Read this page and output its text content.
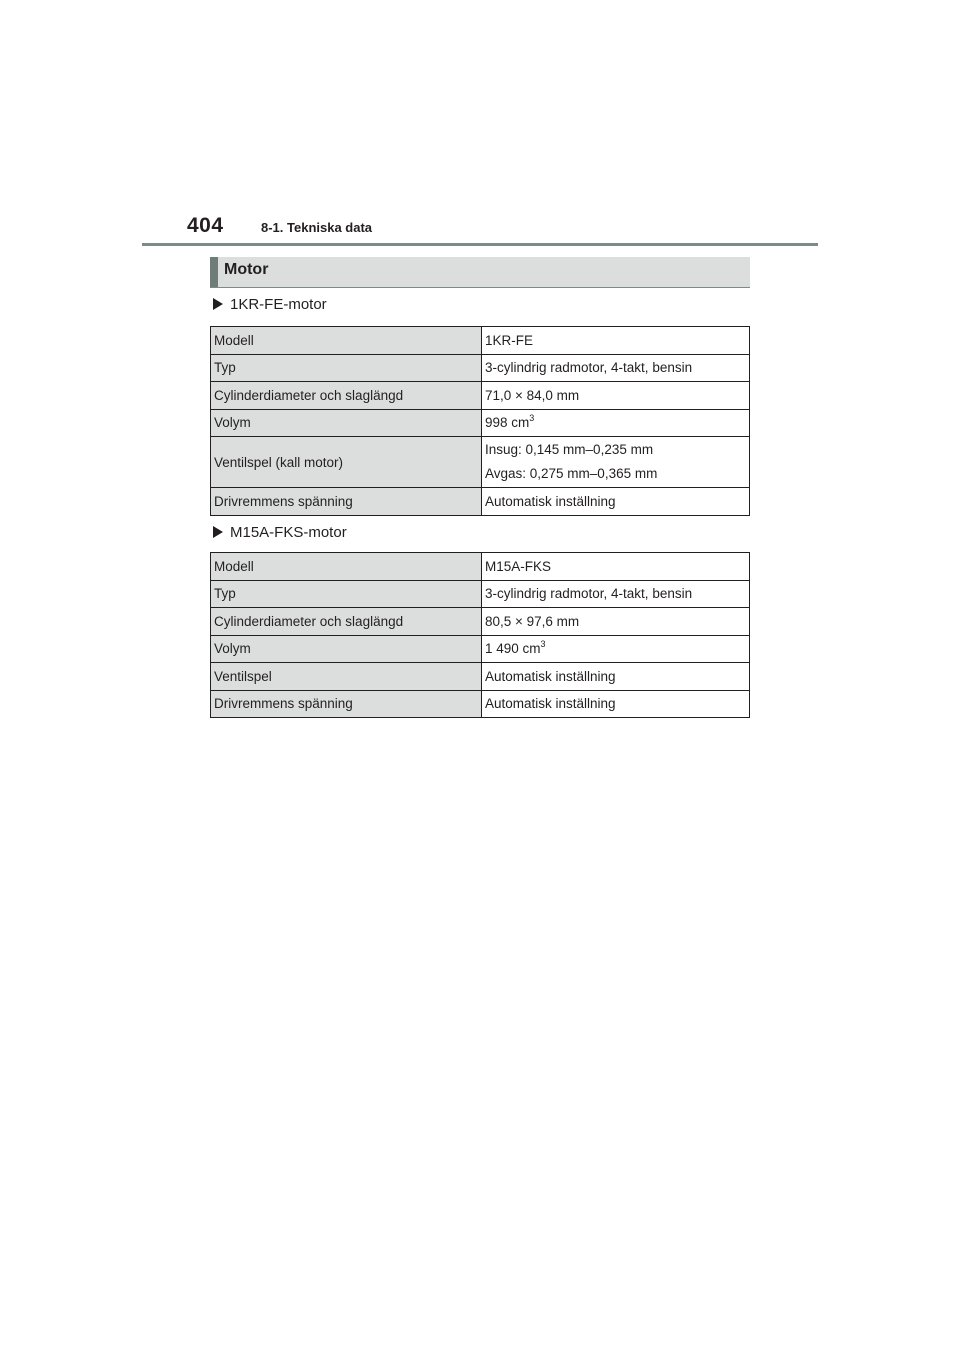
404	8-1. Tekniska data
Motor
1KR-FE-motor
Modell	1KR-FE
Typ	3-cylindrig radmotor, 4-takt, bensin
Cylinderdiameter och slaglängd	71,0 × 84,0 mm
Volym	998 $cm^3$
Ventilspel (kall motor)	Insug: 0,145 mm–0,235 mm
Avgas: 0,275 mm–0,365 mm

Drivremmens spänning	Automatisk inställning
M15A-FKS-motor
Modell	M15A-FKS
Typ	3-cylindrig radmotor, 4-takt, bensin
Cylinderdiameter och slaglängd	80,5 × 97,6 mm
Volym	1 490 $cm^3$
Ventilspel	Automatisk inställning
Drivremmens spänning	Automatisk inställning
